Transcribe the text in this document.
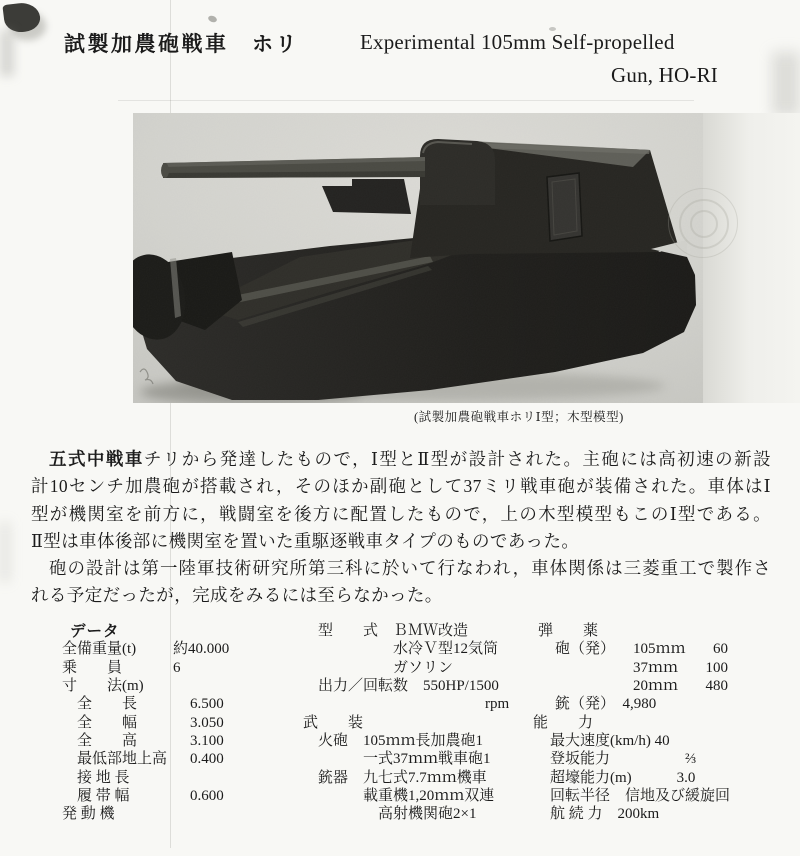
試製加農砲戦車　ホリ	Experimental 105mm Self-propelled
Gun, HO-RI
(試製加農砲戦車ホリⅠ型；木型模型)
五式中戦車チリから発達したもので，Ⅰ型とⅡ型が設計された。主砲には高初速の新設
計10センチ加農砲が搭載され，そのほか副砲として37ミリ戦車砲が装備された。車体はⅠ
型が機関室を前方に，戦闘室を後方に配置したもので，上の木型模型もこのⅠ型である。
Ⅱ型は車体後部に機関室を置いた重駆逐戦車タイプのものであった。
砲の設計は第一陸軍技術研究所第三科に於いて行なわれ，車体関係は三菱重工で製作さ
れる予定だったが，完成をみるには至らなかった。
データ
全備重量(t) 約40.000
乗　　員	6
寸　　法(m)
全　　長	6.500
全　　幅	3.050
全　　高	3.100
最低部地上高 0.400
接 地 長
履 帯 幅	0.600
発 動 機
　型　　式　ＢＭＷ改造
　　　　　　水冷Ｖ型12気筒
　　　　　　ガソリン
　出力／回転数　550HP/1500
rpm
武　　装
　火砲　105ｍｍ長加農砲1
　　　　一式37ｍｍ戦車砲1
　銃器　九七式7.7ｍｍ機車
　　　　載重機1,20ｍｍ双連
　　　　　高射機関砲2×1
弾　　薬
砲（発）	105ｍｍ	60
37ｍｍ	100
20ｍｍ	480
銃（発）　4,980
能　　力
最大速度(km/h) 40
登坂能力　　　　　⅔
超壕能力(m)　　　3.0
回転半径　信地及び緩旋回
航 続 力　200km
